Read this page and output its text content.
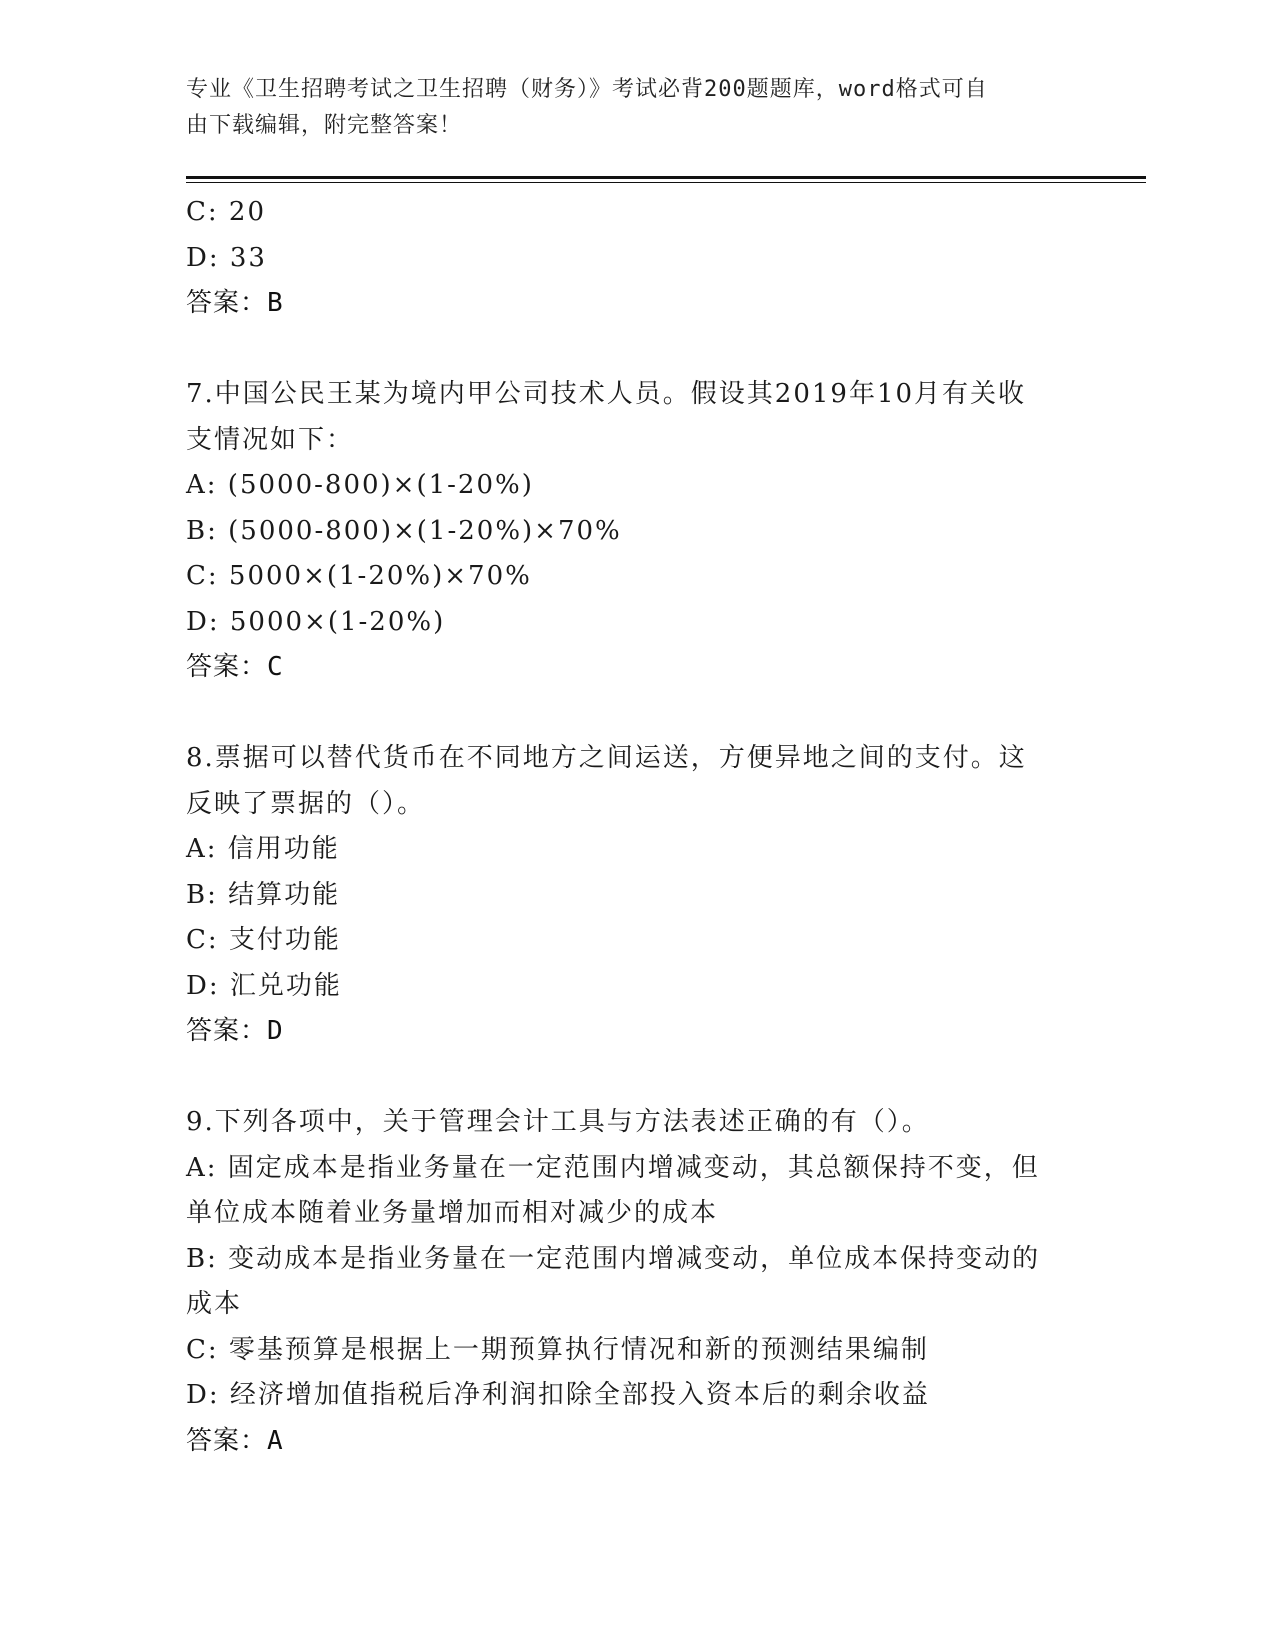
专业《卫生招聘考试之卫生招聘（财务）》考试必背200题题库，word格式可自
由下载编辑，附完整答案！
C: 20
D: 33
答案：B
7.中国公民王某为境内甲公司技术人员。假设其2019年10月有关收
支情况如下：
A: (5000-800)×(1-20%)
B: (5000-800)×(1-20%)×70%
C: 5000×(1-20%)×70%
D: 5000×(1-20%)
答案：C
8.票据可以替代货币在不同地方之间运送，方便异地之间的支付。这
反映了票据的（）。
A: 信用功能
B: 结算功能
C: 支付功能
D: 汇兑功能
答案：D
9.下列各项中，关于管理会计工具与方法表述正确的有（）。
A: 固定成本是指业务量在一定范围内增减变动，其总额保持不变，但
单位成本随着业务量增加而相对减少的成本
B: 变动成本是指业务量在一定范围内增减变动，单位成本保持变动的
成本
C: 零基预算是根据上一期预算执行情况和新的预测结果编制
D: 经济增加值指税后净利润扣除全部投入资本后的剩余收益
答案：A
